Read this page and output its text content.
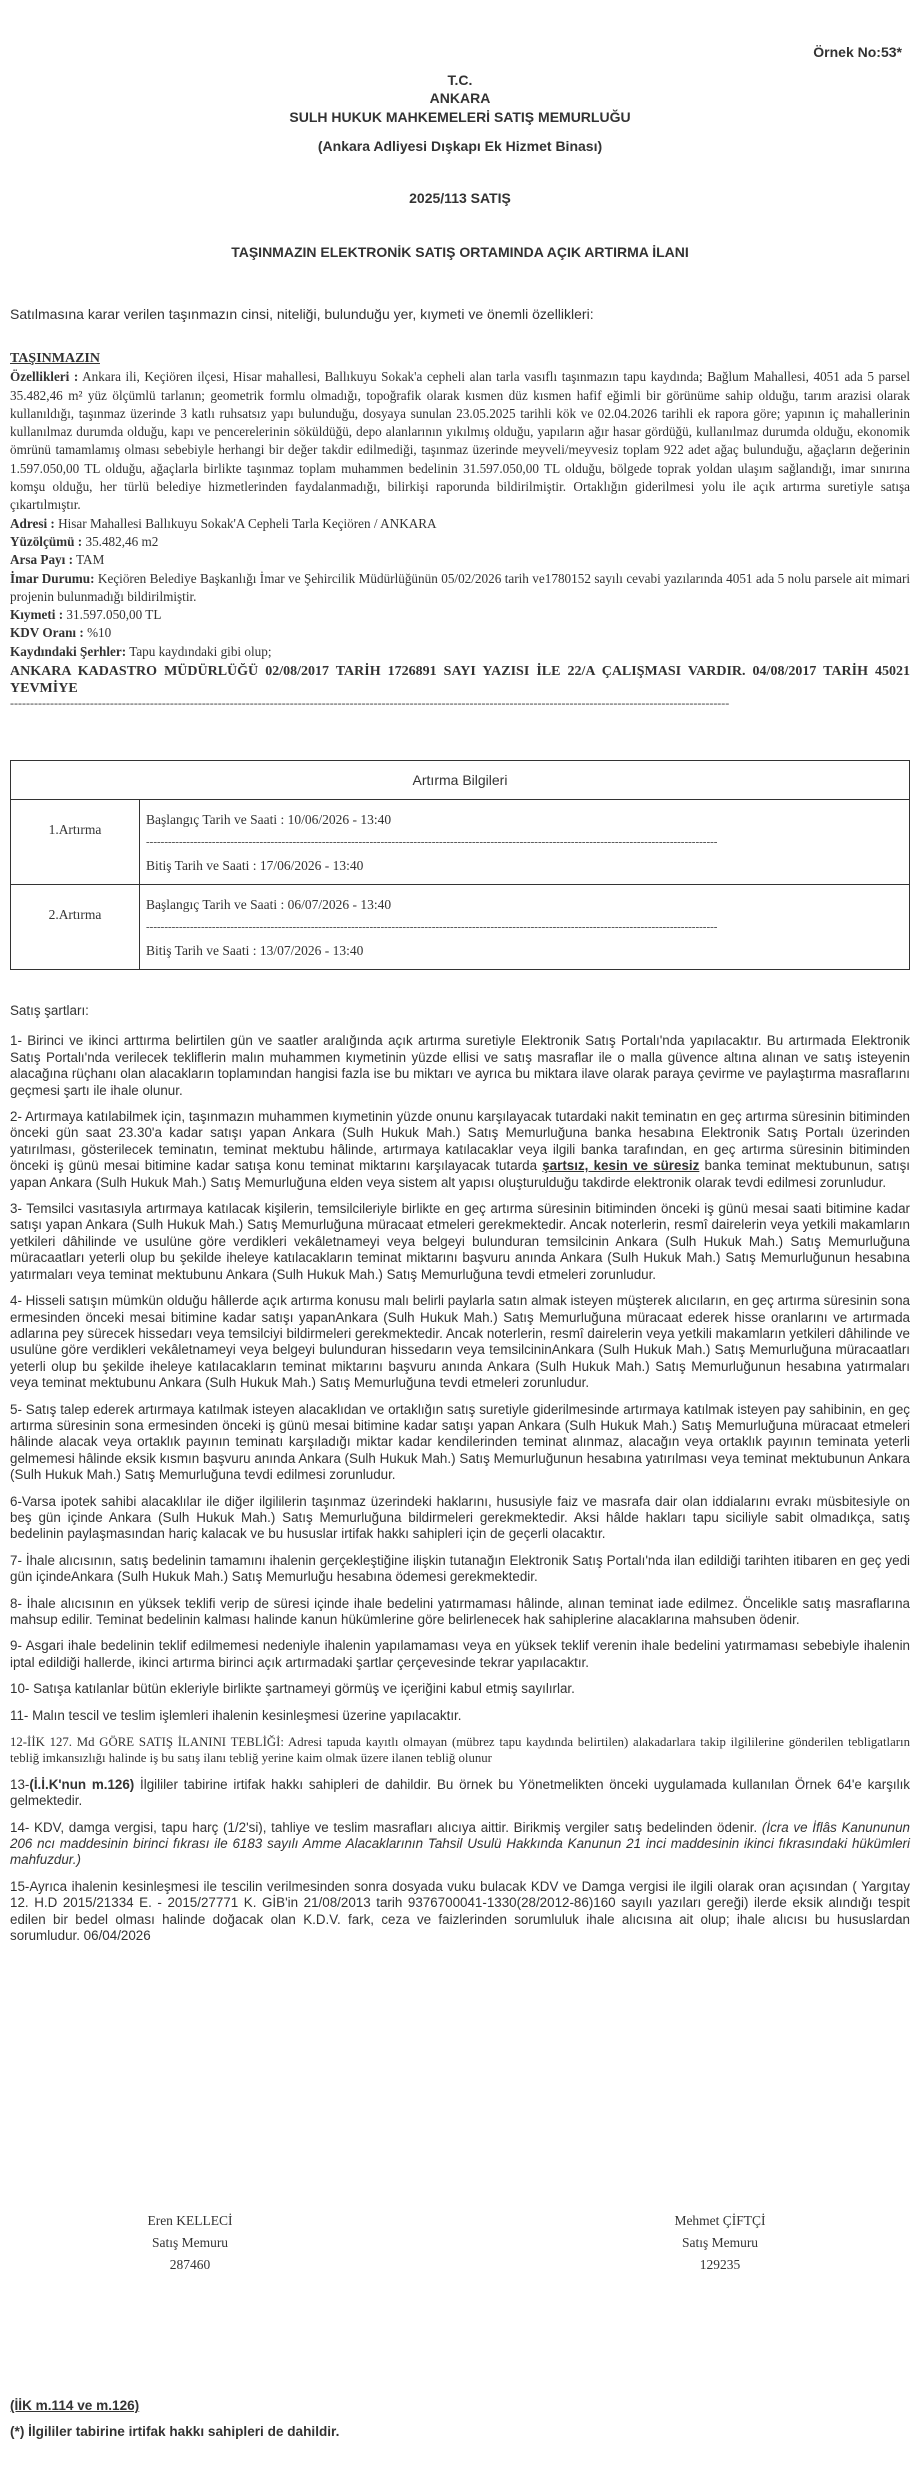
Örnek No:53*
T.C.
ANKARA
SULH HUKUK MAHKEMELERİ SATIŞ MEMURLUĞU
(Ankara Adliyesi Dışkapı Ek Hizmet Binası)
2025/113 SATIŞ
TAŞINMAZIN ELEKTRONİK SATIŞ ORTAMINDA AÇIK ARTIRMA İLANI
Satılmasına karar verilen taşınmazın cinsi, niteliği, bulunduğu yer, kıymeti ve önemli özellikleri:
TAŞINMAZIN
Özellikleri : Ankara ili, Keçiören ilçesi, Hisar mahallesi, Ballıkuyu Sokak'a cepheli alan tarla vasıflı taşınmazın tapu kaydında; Bağlum Mahallesi, 4051 ada 5 parsel 35.482,46 m² yüz ölçümlü tarlanın; geometrik formlu olmadığı, topoğrafik olarak kısmen düz kısmen hafif eğimli bir görünüme sahip olduğu, tarım arazisi olarak kullanıldığı, taşınmaz üzerinde 3 katlı ruhsatsız yapı bulunduğu, dosyaya sunulan 23.05.2025 tarihli kök ve 02.04.2026 tarihli ek rapora göre; yapının iç mahallerinin kullanılmaz durumda olduğu, kapı ve pencerelerinin söküldüğü, depo alanlarının yıkılmış olduğu, yapıların ağır hasar gördüğü, kullanılmaz durumda olduğu, ekonomik ömrünü tamamlamış olması sebebiyle herhangi bir değer takdir edilmediği, taşınmaz üzerinde meyveli/meyvesiz toplam 922 adet ağaç bulunduğu, ağaçların değerinin 1.597.050,00 TL olduğu, ağaçlarla birlikte taşınmaz toplam muhammen bedelinin 31.597.050,00 TL olduğu, bölgede toprak yoldan ulaşım sağlandığı, imar sınırına komşu olduğu, her türlü belediye hizmetlerinden faydalanmadığı, bilirkişi raporunda bildirilmiştir. Ortaklığın giderilmesi yolu ile açık artırma suretiyle satışa çıkartılmıştır.
Adresi : Hisar Mahallesi Ballıkuyu Sokak'A Cepheli Tarla Keçiören / ANKARA
Yüzölçümü : 35.482,46 m2
Arsa Payı : TAM
İmar Durumu: Keçiören Belediye Başkanlığı İmar ve Şehircilik Müdürlüğünün 05/02/2026 tarih ve1780152 sayılı cevabi yazılarında 4051 ada 5 nolu parsele ait mimari projenin bulunmadığı bildirilmiştir.
Kıymeti : 31.597.050,00 TL
KDV Oranı : %10
Kaydındaki Şerhler: Tapu kaydındaki gibi olup;
ANKARA KADASTRO MÜDÜRLÜĞÜ 02/08/2017 TARİH 1726891 SAYI YAZISI İLE 22/A ÇALIŞMASI VARDIR. 04/08/2017 TARİH 45021 YEVMİYE
------------------------------------------------------------------------------------------------------------------------------------------------------------------------------------
Artırma Bilgileri	
1.Artırma	Başlangıç Tarih ve Saati : 10/06/2026 - 13:40
------------------------------------------------------------------------------------------------------------------------------------------------------------
Bitiş Tarih ve Saati : 17/06/2026 - 13:40

2.Artırma	Başlangıç Tarih ve Saati : 06/07/2026 - 13:40
------------------------------------------------------------------------------------------------------------------------------------------------------------
Bitiş Tarih ve Saati : 13/07/2026 - 13:40

Satış şartları:

1- Birinci ve ikinci arttırma belirtilen gün ve saatler aralığında açık artırma suretiyle Elektronik Satış Portalı'nda yapılacaktır. Bu artırmada Elektronik Satış Portalı'nda verilecek tekliflerin malın muhammen kıymetinin yüzde ellisi ve satış masraflar ile o malla güvence altına alınan ve satış isteyenin alacağına rüçhanı olan alacakların toplamından hangisi fazla ise bu miktarı ve ayrıca bu miktara ilave olarak paraya çevirme ve paylaştırma masraflarını geçmesi şartı ile ihale olunur.

2- Artırmaya katılabilmek için, taşınmazın muhammen kıymetinin yüzde onunu karşılayacak tutardaki nakit teminatın en geç artırma süresinin bitiminden önceki gün saat 23.30'a kadar satışı yapan Ankara (Sulh Hukuk Mah.) Satış Memurluğuna banka hesabına Elektronik Satış Portalı üzerinden yatırılması, gösterilecek teminatın, teminat mektubu hâlinde, artırmaya katılacaklar veya ilgili banka tarafından, en geç artırma süresinin bitiminden önceki iş günü mesai bitimine kadar satışa konu teminat miktarını karşılayacak tutarda şartsız, kesin ve süresiz banka teminat mektubunun, satışı yapan Ankara (Sulh Hukuk Mah.) Satış Memurluğuna elden veya sistem alt yapısı oluşturulduğu takdirde elektronik olarak tevdi edilmesi zorunludur.

3- Temsilci vasıtasıyla artırmaya katılacak kişilerin, temsilcileriyle birlikte en geç artırma süresinin bitiminden önceki iş günü mesai saati bitimine kadar satışı yapan Ankara (Sulh Hukuk Mah.) Satış Memurluğuna müracaat etmeleri gerekmektedir. Ancak noterlerin, resmî dairelerin veya yetkili makamların yetkileri dâhilinde ve usulüne göre verdikleri vekâletnameyi veya belgeyi bulunduran temsilcinin Ankara (Sulh Hukuk Mah.) Satış Memurluğuna müracaatları yeterli olup bu şekilde iheleye katılacakların teminat miktarını başvuru anında Ankara (Sulh Hukuk Mah.) Satış Memurluğunun hesabına yatırmaları veya teminat mektubunu Ankara (Sulh Hukuk Mah.) Satış Memurluğuna tevdi etmeleri zorunludur.

4- Hisseli satışın mümkün olduğu hâllerde açık artırma konusu malı belirli paylarla satın almak isteyen müşterek alıcıların, en geç artırma süresinin sona ermesinden önceki mesai bitimine kadar satışı yapanAnkara (Sulh Hukuk Mah.) Satış Memurluğuna müracaat ederek hisse oranlarını ve artırmada adlarına pey sürecek hissedarı veya temsilciyi bildirmeleri gerekmektedir. Ancak noterlerin, resmî dairelerin veya yetkili makamların yetkileri dâhilinde ve usulüne göre verdikleri vekâletnameyi veya belgeyi bulunduran hissedarın veya temsilcininAnkara (Sulh Hukuk Mah.) Satış Memurluğuna müracaatları yeterli olup bu şekilde iheleye katılacakların teminat miktarını başvuru anında Ankara (Sulh Hukuk Mah.) Satış Memurluğunun hesabına yatırmaları veya teminat mektubunu Ankara (Sulh Hukuk Mah.) Satış Memurluğuna tevdi etmeleri zorunludur.

5- Satış talep ederek artırmaya katılmak isteyen alacaklıdan ve ortaklığın satış suretiyle giderilmesinde artırmaya katılmak isteyen pay sahibinin, en geç artırma süresinin sona ermesinden önceki iş günü mesai bitimine kadar satışı yapan Ankara (Sulh Hukuk Mah.) Satış Memurluğuna müracaat etmeleri hâlinde alacak veya ortaklık payının teminatı karşıladığı miktar kadar kendilerinden teminat alınmaz, alacağın veya ortaklık payının teminata yeterli gelmemesi hâlinde eksik kısmın başvuru anında Ankara (Sulh Hukuk Mah.) Satış Memurluğunun hesabına yatırılması veya teminat mektubunun Ankara (Sulh Hukuk Mah.) Satış Memurluğuna tevdi edilmesi zorunludur.

6-Varsa ipotek sahibi alacaklılar ile diğer ilgililerin taşınmaz üzerindeki haklarını, hususiyle faiz ve masrafa dair olan iddialarını evrakı müsbitesiyle on beş gün içinde Ankara (Sulh Hukuk Mah.) Satış Memurluğuna bildirmeleri gerekmektedir. Aksi hâlde hakları tapu siciliyle sabit olmadıkça, satış bedelinin paylaşmasından hariç kalacak ve bu hususlar irtifak hakkı sahipleri için de geçerli olacaktır.

7- İhale alıcısının, satış bedelinin tamamını ihalenin gerçekleştiğine ilişkin tutanağın Elektronik Satış Portalı'nda ilan edildiği tarihten itibaren en geç yedi gün içindeAnkara (Sulh Hukuk Mah.) Satış Memurluğu hesabına ödemesi gerekmektedir.

8- İhale alıcısının en yüksek teklifi verip de süresi içinde ihale bedelini yatırmaması hâlinde, alınan teminat iade edilmez. Öncelikle satış masraflarına mahsup edilir. Teminat bedelinin kalması halinde kanun hükümlerine göre belirlenecek hak sahiplerine alacaklarına mahsuben ödenir.

9- Asgari ihale bedelinin teklif edilmemesi nedeniyle ihalenin yapılamaması veya en yüksek teklif verenin ihale bedelini yatırmaması sebebiyle ihalenin iptal edildiği hallerde, ikinci artırma birinci açık artırmadaki şartlar çerçevesinde tekrar yapılacaktır.

10- Satışa katılanlar bütün ekleriyle birlikte şartnameyi görmüş ve içeriğini kabul etmiş sayılırlar.

11- Malın tescil ve teslim işlemleri ihalenin kesinleşmesi üzerine yapılacaktır.

12-İİK 127. Md GÖRE SATIŞ İLANINI TEBLİĞİ: Adresi tapuda kayıtlı olmayan (mübrez tapu kaydında belirtilen) alakadarlara takip ilgililerine gönderilen tebligatların tebliğ imkansızlığı halinde iş bu satış ilanı tebliğ yerine kaim olmak üzere ilanen tebliğ olunur

13-(İ.İ.K'nun m.126) İlgililer tabirine irtifak hakkı sahipleri de dahildir. Bu örnek bu Yönetmelikten önceki uygulamada kullanılan Örnek 64'e karşılık gelmektedir.

14- KDV, damga vergisi, tapu harç (1/2'si), tahliye ve teslim masrafları alıcıya aittir. Birikmiş vergiler satış bedelinden ödenir. (İcra ve İflâs Kanununun 206 ncı maddesinin birinci fıkrası ile 6183 sayılı Amme Alacaklarının Tahsil Usulü Hakkında Kanunun 21 inci maddesinin ikinci fıkrasındaki hükümleri mahfuzdur.)

15-Ayrıca ihalenin kesinleşmesi ile tescilin verilmesinden sonra dosyada vuku bulacak KDV ve Damga vergisi ile ilgili olarak oran açısından ( Yargıtay 12. H.D 2015/21334 E. - 2015/27771 K. GİB'in 21/08/2013 tarih 9376700041-1330(28/2012-86)160 sayılı yazıları gereği) ilerde eksik alındığı tespit edilen bir bedel olması halinde doğacak olan K.D.V. fark, ceza ve faizlerinden sorumluluk ihale alıcısına ait olup; ihale alıcısı bu hususlardan sorumludur. 06/04/2026

Eren KELLECİ
Satış Memuru
287460
Mehmet ÇİFTÇİ
Satış Memuru
129235
(İİK m.114 ve m.126)
(*) İlgililer tabirine irtifak hakkı sahipleri de dahildir.
